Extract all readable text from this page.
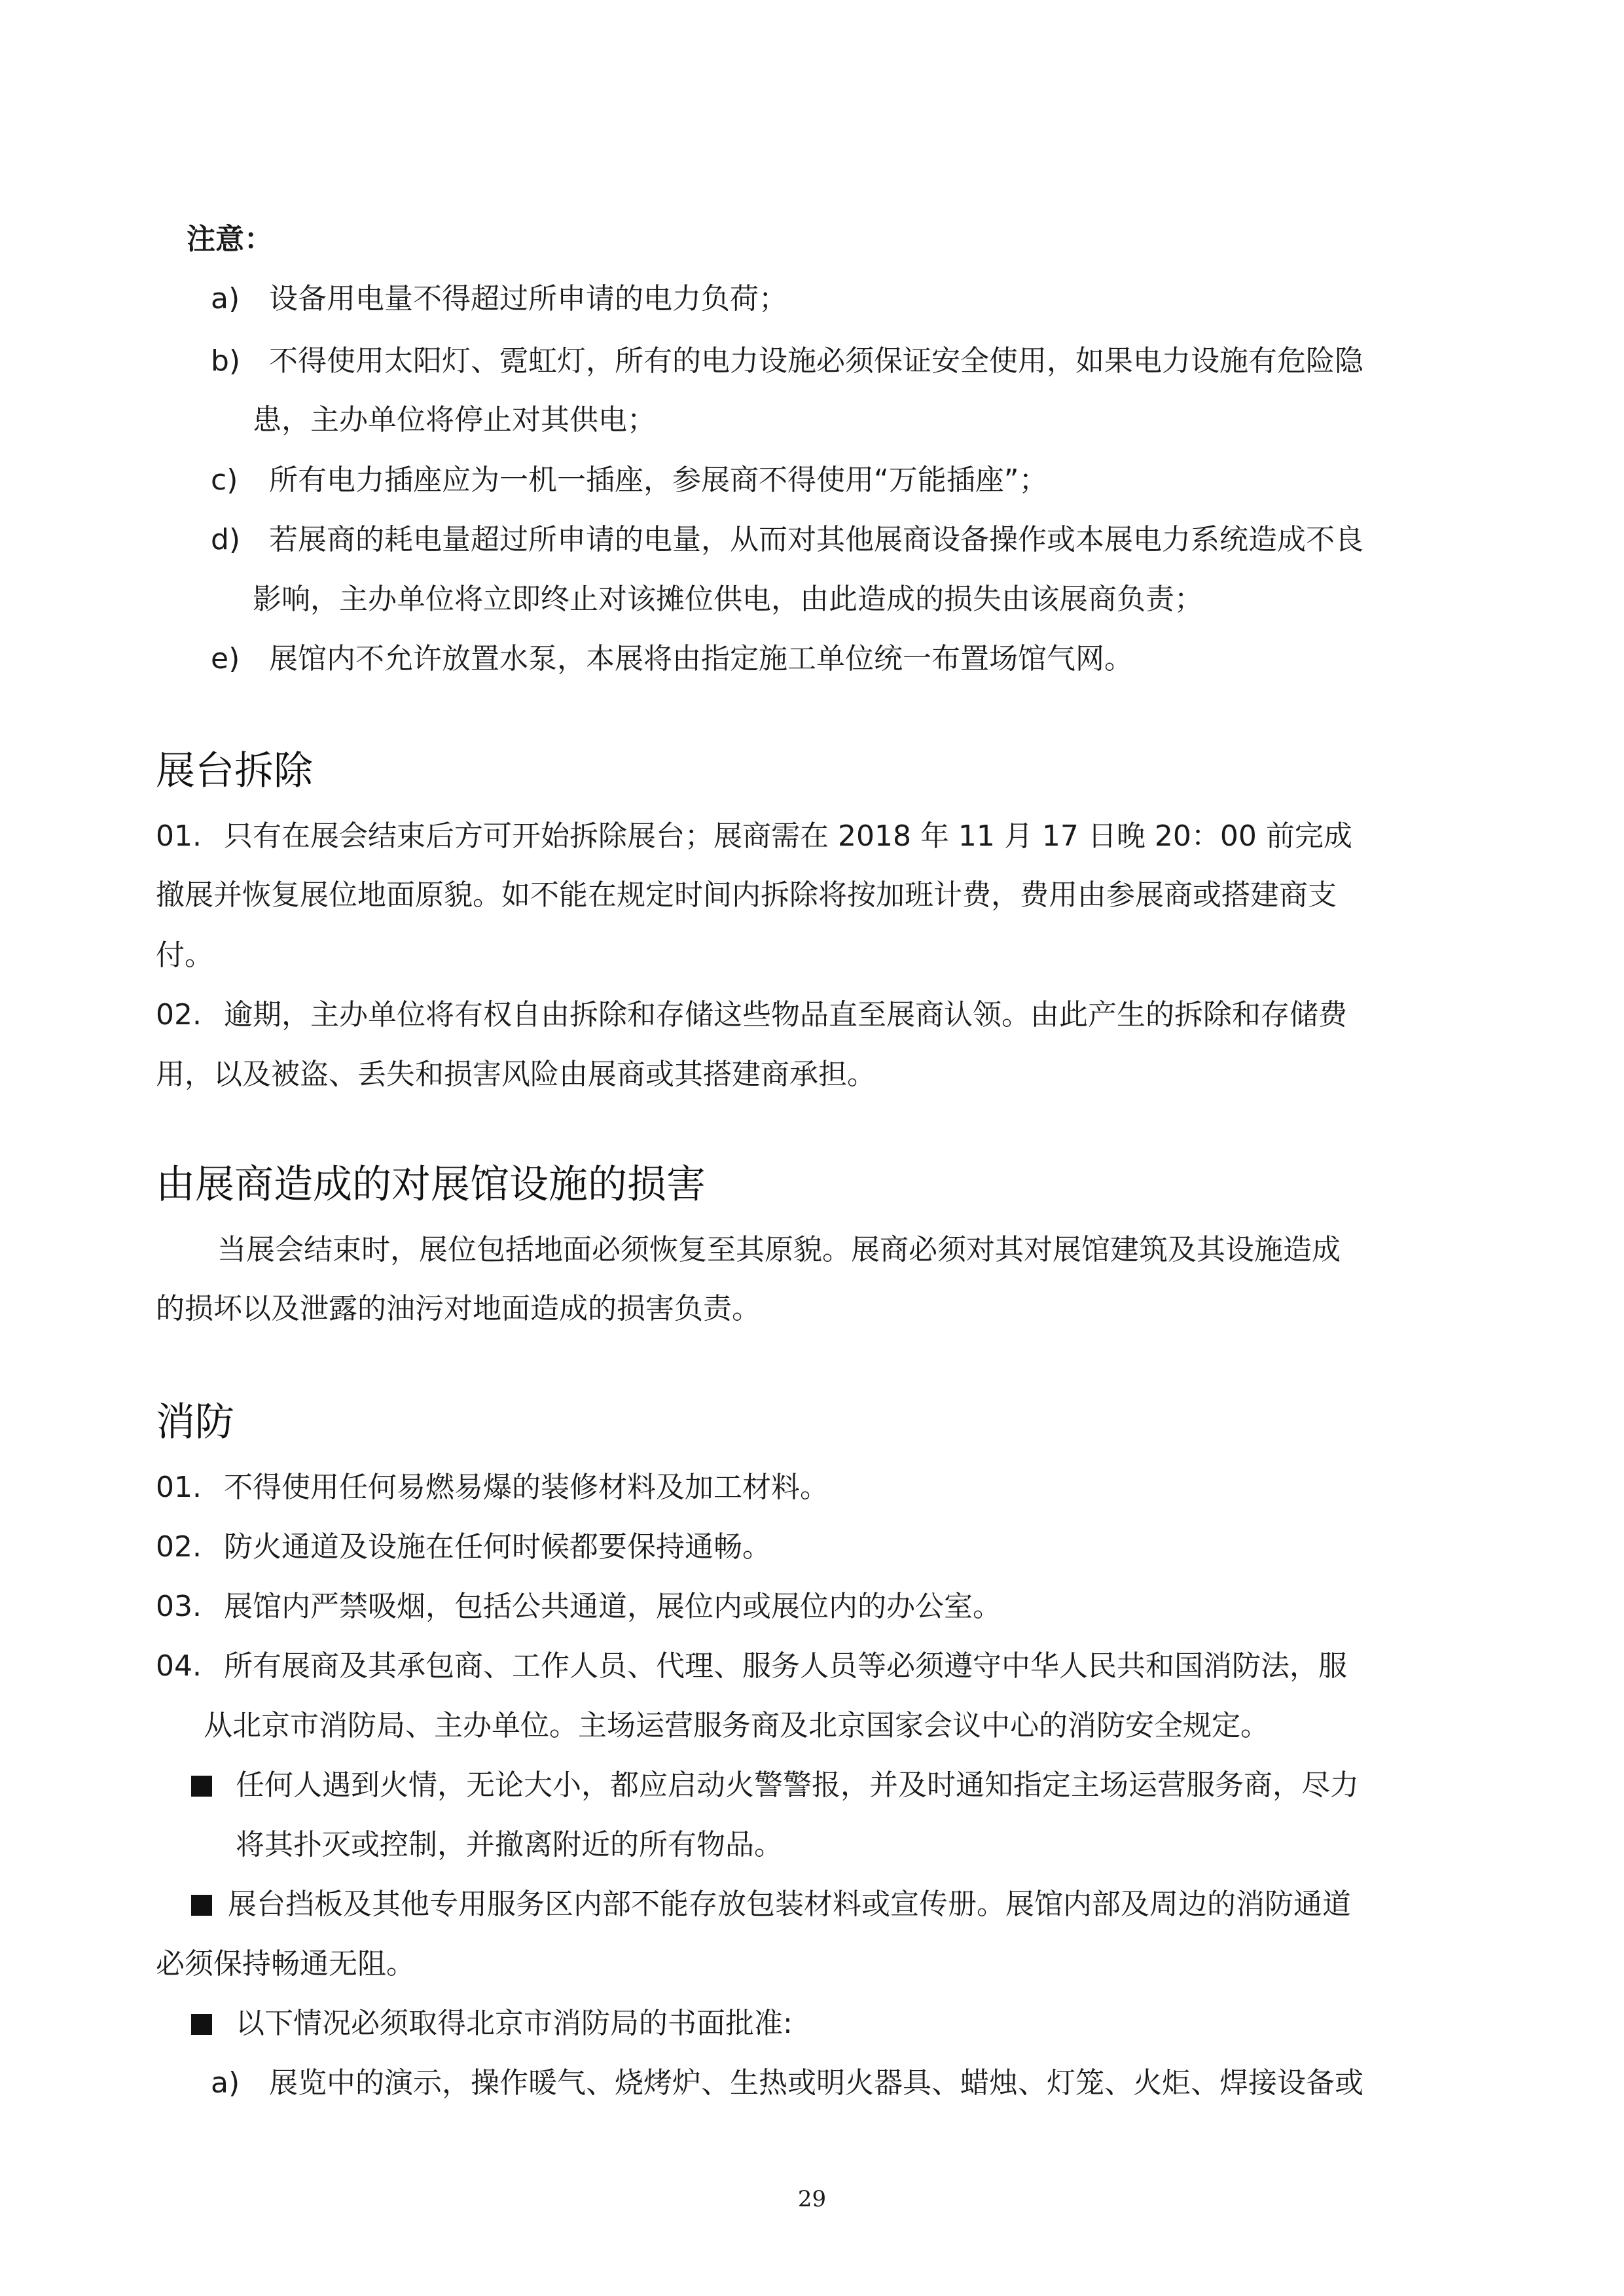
注意：
a) 设备用电量不得超过所申请的电力负荷；
b) 不得使用太阳灯、霓虹灯，所有的电力设施必须保证安全使用，如果电力设施有危险隐
患，主办单位将停止对其供电；
c) 所有电力插座应为一机一插座，参展商不得使用“万能插座”；
d) 若展商的耗电量超过所申请的电量，从而对其他展商设备操作或本展电力系统造成不良
影响，主办单位将立即终止对该摊位供电，由此造成的损失由该展商负责；
e) 展馆内不允许放置水泵，本展将由指定施工单位统一布置场馆气网。
展台拆除
01. 只有在展会结束后方可开始拆除展台；展商需在 2018 年 11 月 17 日晚 20：00 前完成
撤展并恢复展位地面原貌。如不能在规定时间内拆除将按加班计费，费用由参展商或搭建商支
付。
02. 逾期，主办单位将有权自由拆除和存储这些物品直至展商认领。由此产生的拆除和存储费
用，以及被盗、丢失和损害风险由展商或其搭建商承担。
由展商造成的对展馆设施的损害
当展会结束时，展位包括地面必须恢复至其原貌。展商必须对其对展馆建筑及其设施造成
的损坏以及泄露的油污对地面造成的损害负责。
消防
01. 不得使用任何易燃易爆的装修材料及加工材料。
02. 防火通道及设施在任何时候都要保持通畅。
03. 展馆内严禁吸烟，包括公共通道，展位内或展位内的办公室。
04. 所有展商及其承包商、工作人员、代理、服务人员等必须遵守中华人民共和国消防法，服
从北京市消防局、主办单位。主场运营服务商及北京国家会议中心的消防安全规定。
任何人遇到火情，无论大小，都应启动火警警报，并及时通知指定主场运营服务商，尽力
将其扑灭或控制，并撤离附近的所有物品。
展台挡板及其他专用服务区内部不能存放包装材料或宣传册。展馆内部及周边的消防通道
必须保持畅通无阻。
以下情况必须取得北京市消防局的书面批准:
a) 展览中的演示，操作暖气、烧烤炉、生热或明火器具、蜡烛、灯笼、火炬、焊接设备或
29
